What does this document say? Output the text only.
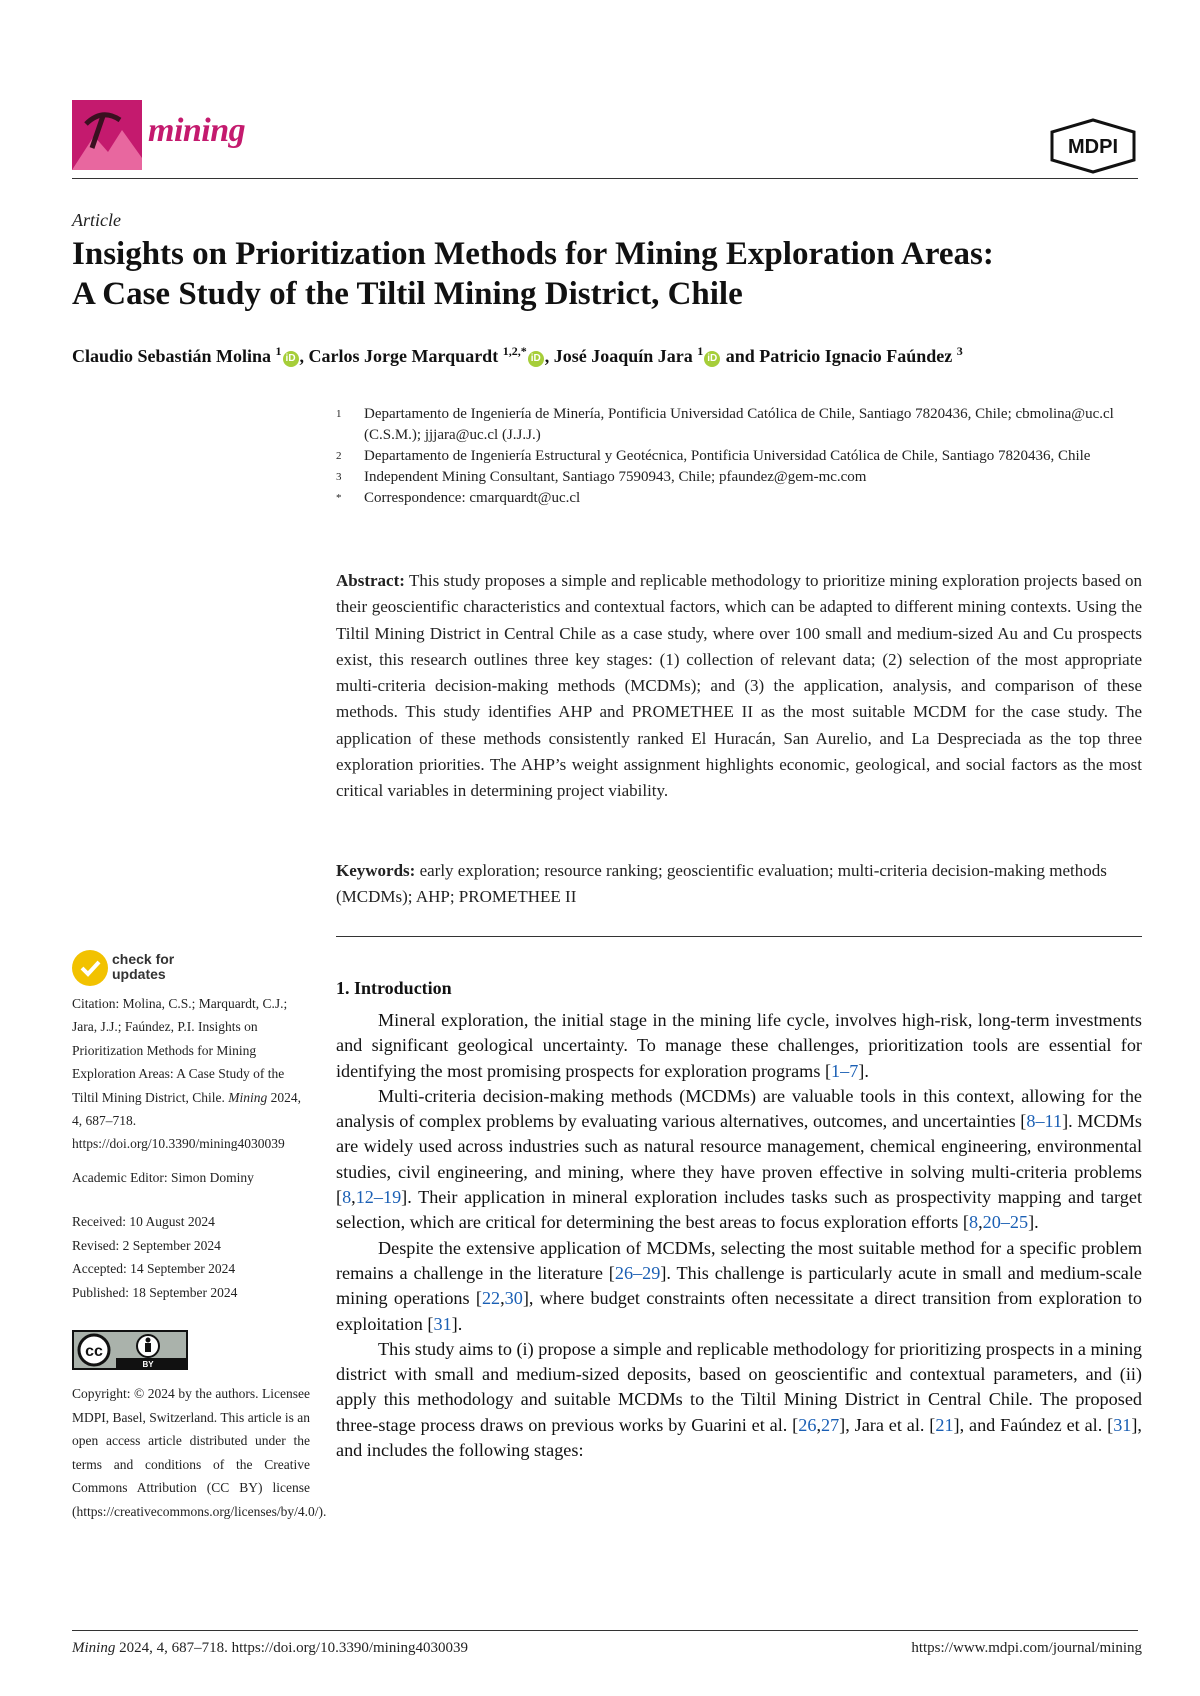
mining	MDPI
Article
Insights on Prioritization Methods for Mining Exploration Areas:
A Case Study of the Tiltil Mining District, Chile
Claudio Sebastián Molina $^1$iD , Carlos Jorge Marquardt $^{1,2,*}$iD , José Joaquín Jara $^1$iD and Patricio Ignacio Faúndez $^3$
1	Departamento de Ingeniería de Minería, Pontificia Universidad Católica de Chile, Santiago 7820436, Chile; cbmolina@uc.cl (C.S.M.); jjjara@uc.cl (J.J.J.)
2	Departamento de Ingeniería Estructural y Geotécnica, Pontificia Universidad Católica de Chile, Santiago 7820436, Chile
3	Independent Mining Consultant, Santiago 7590943, Chile; pfaundez@gem-mc.com
*	Correspondence: cmarquardt@uc.cl
Abstract: This study proposes a simple and replicable methodology to prioritize mining exploration projects based on their geoscientific characteristics and contextual factors, which can be adapted to different mining contexts. Using the Tiltil Mining District in Central Chile as a case study, where over 100 small and medium-sized Au and Cu prospects exist, this research outlines three key stages: (1) collection of relevant data; (2) selection of the most appropriate multi-criteria decision-making methods (MCDMs); and (3) the application, analysis, and comparison of these methods. This study identifies AHP and PROMETHEE II as the most suitable MCDM for the case study. The application of these methods consistently ranked El Huracán, San Aurelio, and La Despreciada as the top three exploration priorities. The AHP’s weight assignment highlights economic, geological, and social factors as the most critical variables in determining project viability.
Keywords: early exploration; resource ranking; geoscientific evaluation; multi-criteria decision-making methods (MCDMs); AHP; PROMETHEE II
check for
updates
Citation: Molina, C.S.; Marquardt, C.J.; Jara, J.J.; Faúndez, P.I. Insights on Prioritization Methods for Mining Exploration Areas: A Case Study of the Tiltil Mining District, Chile. Mining 2024, 4, 687–718. https://doi.org/10.3390/mining4030039
Academic Editor: Simon Dominy
Received: 10 August 2024
Revised: 2 September 2024
Accepted: 14 September 2024
Published: 18 September 2024
cc
BY
Copyright: © 2024 by the authors. Licensee MDPI, Basel, Switzerland. This article is an open access article distributed under the terms and conditions of the Creative Commons Attribution (CC BY) license (https://creativecommons.org/licenses/by/4.0/).
1. Introduction

Mineral exploration, the initial stage in the mining life cycle, involves high-risk, long-term investments and significant geological uncertainty. To manage these challenges, prioritization tools are essential for identifying the most promising prospects for exploration programs [1–7].

Multi-criteria decision-making methods (MCDMs) are valuable tools in this context, allowing for the analysis of complex problems by evaluating various alternatives, outcomes, and uncertainties [8–11]. MCDMs are widely used across industries such as natural resource management, chemical engineering, environmental studies, civil engineering, and mining, where they have proven effective in solving multi-criteria problems [8,12–19]. Their application in mineral exploration includes tasks such as prospectivity mapping and target selection, which are critical for determining the best areas to focus exploration efforts [8,20–25].

Despite the extensive application of MCDMs, selecting the most suitable method for a specific problem remains a challenge in the literature [26–29]. This challenge is particularly acute in small and medium-scale mining operations [22,30], where budget constraints often necessitate a direct transition from exploration to exploitation [31].

This study aims to (i) propose a simple and replicable methodology for prioritizing prospects in a mining district with small and medium-sized deposits, based on geoscientific and contextual parameters, and (ii) apply this methodology and suitable MCDMs to the Tiltil Mining District in Central Chile. The proposed three-stage process draws on previous works by Guarini et al. [26,27], Jara et al. [21], and Faúndez et al. [31], and includes the following stages:

Mining 2024, 4, 687–718. https://doi.org/10.3390/mining4030039	https://www.mdpi.com/journal/mining
